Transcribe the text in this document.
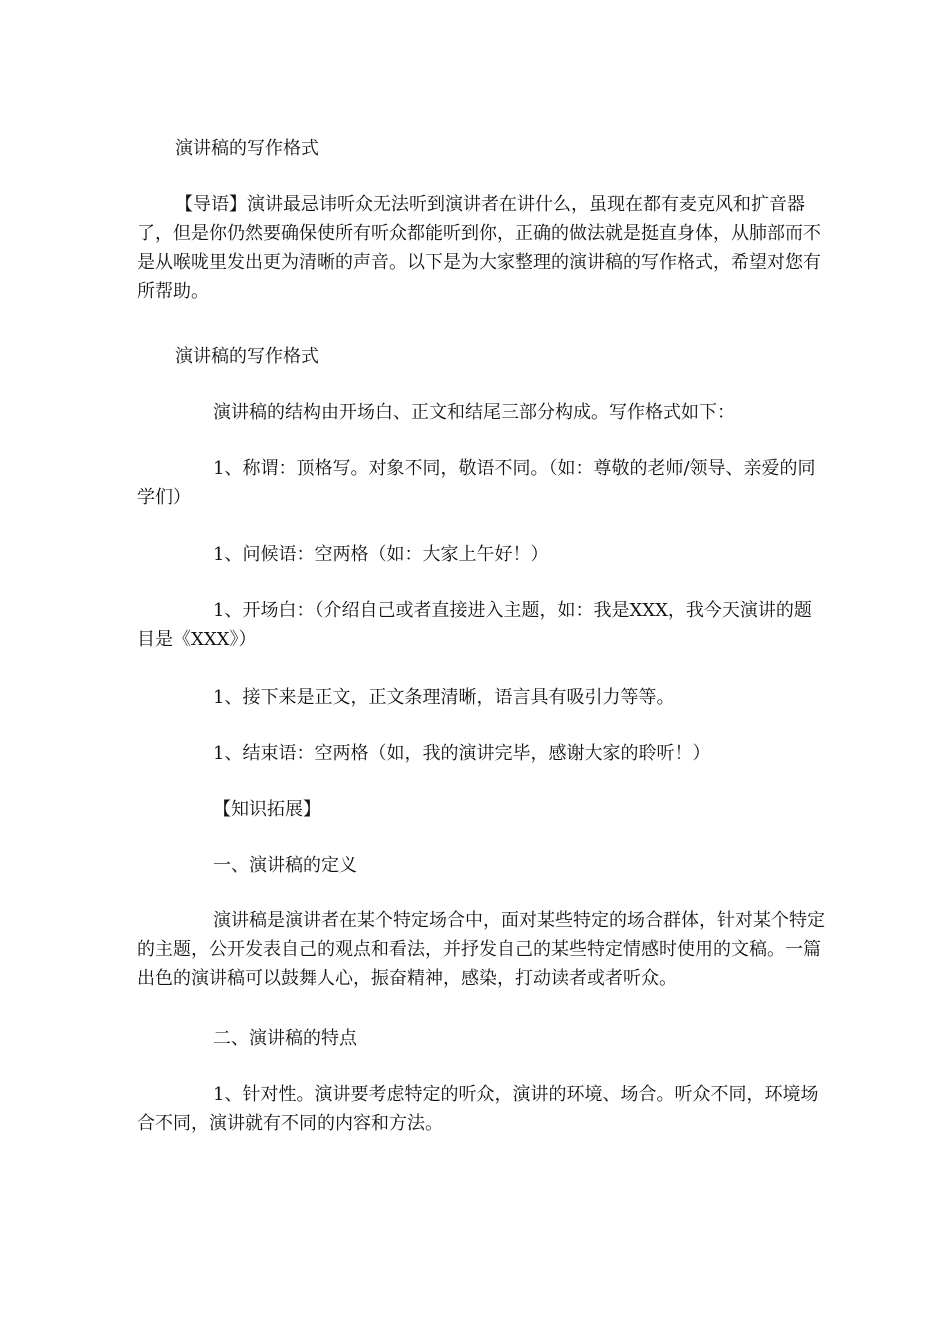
演讲稿的写作格式

【导语】演讲最忌讳听众无法听到演讲者在讲什么，虽现在都有麦克风和扩音器了，但是你仍然要确保使所有听众都能听到你，正确的做法就是挺直身体，从肺部而不是从喉咙里发出更为清晰的声音。以下是为大家整理的演讲稿的写作格式，希望对您有所帮助。

演讲稿的写作格式

演讲稿的结构由开场白、正文和结尾三部分构成。写作格式如下：

1、称谓：顶格写。对象不同，敬语不同。（如：尊敬的老师/领导、亲爱的同学们）

1、问候语：空两格（如：大家上午好！）

1、开场白：（介绍自己或者直接进入主题，如：我是XXX，我今天演讲的题目是《XXX》）

1、接下来是正文，正文条理清晰，语言具有吸引力等等。

1、结束语：空两格（如，我的演讲完毕，感谢大家的聆听！）

【知识拓展】

一、演讲稿的定义

演讲稿是演讲者在某个特定场合中，面对某些特定的场合群体，针对某个特定的主题，公开发表自己的观点和看法，并抒发自己的某些特定情感时使用的文稿。一篇出色的演讲稿可以鼓舞人心，振奋精神，感染，打动读者或者听众。

二、演讲稿的特点

1、针对性。演讲要考虑特定的听众，演讲的环境、场合。听众不同，环境场合不同，演讲就有不同的内容和方法。
